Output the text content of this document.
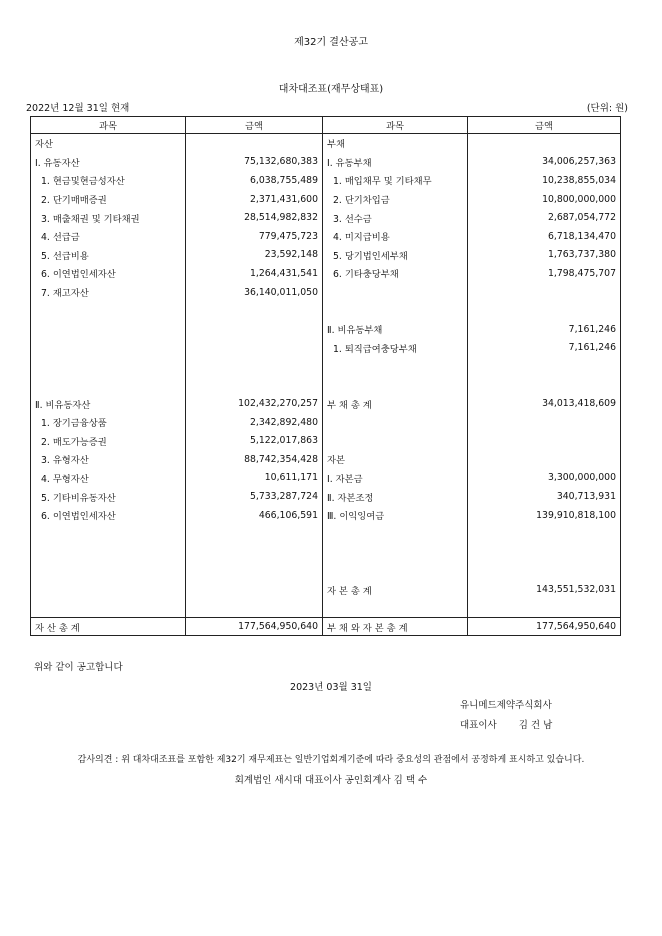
제32기 결산공고
대차대조표(재무상태표)
2022년 12월 31일 현재	(단위: 원)
과목	금액	과목	금액
자산		부채	
Ⅰ. 유동자산	75,132,680,383	Ⅰ. 유동부채	34,006,257,363
1. 현금및현금성자산	6,038,755,489	1. 매입채무 및 기타채무	10,238,855,034
2. 단기매매증권	2,371,431,600	2. 단기차입금	10,800,000,000
3. 매출채권 및 기타채권	28,514,982,832	3. 선수금	2,687,054,772
4. 선급금	779,475,723	4. 미지급비용	6,718,134,470
5. 선급비용	23,592,148	5. 당기법인세부채	1,763,737,380
6. 이연법인세자산	1,264,431,541	6. 기타충당부채	1,798,475,707
7. 재고자산	36,140,011,050		

		Ⅱ. 비유동부채	7,161,246
		1. 퇴직급여충당부채	7,161,246

Ⅱ. 비유동자산	102,432,270,257	부 채 총 계	34,013,418,609
1. 장기금융상품	2,342,892,480		
2. 매도가능증권	5,122,017,863		
3. 유형자산	88,742,354,428	자본	
4. 무형자산	10,611,171	Ⅰ. 자본금	3,300,000,000
5. 기타비유동자산	5,733,287,724	Ⅱ. 자본조정	340,713,931
6. 이연법인세자산	466,106,591	Ⅲ. 이익잉여금	139,910,818,100

		자 본 총 계	143,551,532,031

자 산 총 계	177,564,950,640	부 채 와 자 본 총 계	177,564,950,640
위와 같이 공고합니다
2023년 03월 31일
유니메드제약주식회사
대표이사 김 건 남
감사의견 : 위 대차대조표를 포함한 제32기 재무제표는 일반기업회계기준에 따라 중요성의 관점에서 공정하게 표시하고 있습니다.
회계법인 새시대 대표이사 공인회계사 김 택 수
